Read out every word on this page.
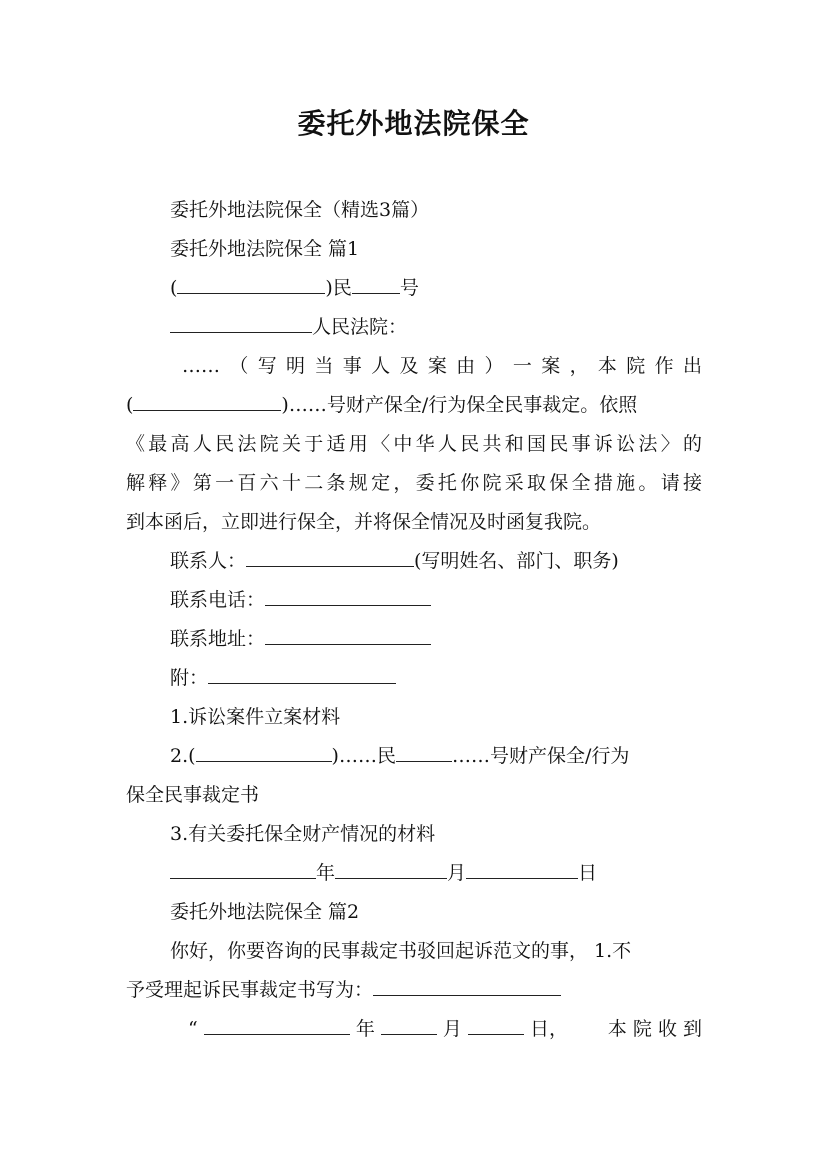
委托外地法院保全
委托外地法院保全（精选3篇）
委托外地法院保全 篇1
(	)民	号
人民法院：
……（写明当事人及案由）一案，本院作出
(	)……号财产保全/行为保全民事裁定。依照
《最高人民法院关于适用〈中华人民共和国民事诉讼法〉的
解释》第一百六十二条规定，委托你院采取保全措施。请接
到本函后，立即进行保全，并将保全情况及时函复我院。
联系人：	(写明姓名、部门、职务)
联系电话：
联系地址：
附：
1.诉讼案件立案材料
2.(	)……民	……号财产保全/行为
保全民事裁定书
3.有关委托保全财产情况的材料
年	月	日
委托外地法院保全 篇2
你好，你要咨询的民事裁定书驳回起诉范文的事， 1.不
予受理起诉民事裁定书写为：
“	年	月	日， 本 院 收 到
